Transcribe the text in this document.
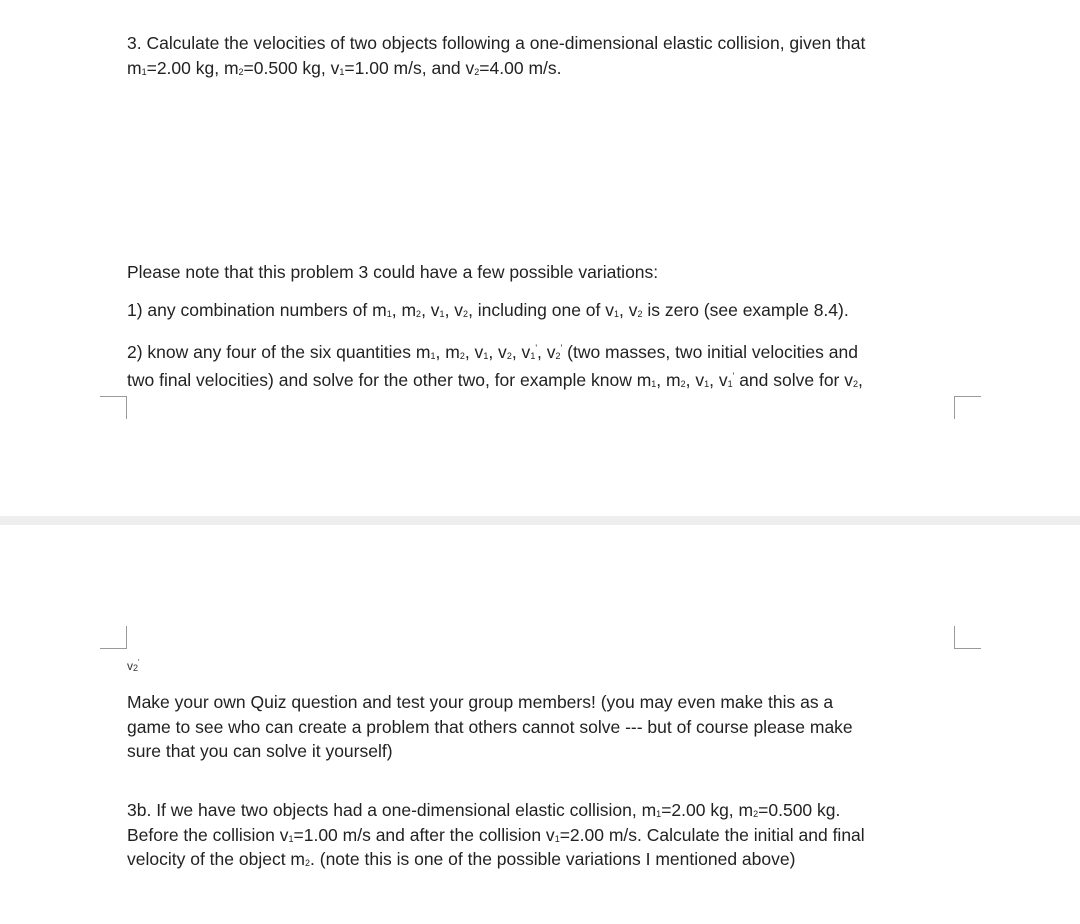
3. Calculate the velocities of two objects following a one-dimensional elastic collision, given that
$m_1=2.00$ kg, $m_2=0.500$ kg, $v_1=1.00$ m/s, and $v_2=4.00$ m/s.

Please note that this problem 3 could have a few possible variations:

1) any combination numbers of $m_1$, $m_2$, $v_1$, $v_2$, including one of $v_1$, $v_2$ is zero (see example 8.4).

2) know any four of the six quantities $m_1$, $m_2$, $v_1$, $v_2$, $v_1'$, $v_2'$ (two masses, two initial velocities and
two final velocities) and solve for the other two, for example know $m_1$, $m_2$, $v_1$, $v_1'$ and solve for $v_2$,

$v_2'$

Make your own Quiz question and test your group members! (you may even make this as a
game to see who can create a problem that others cannot solve --- but of course please make
sure that you can solve it yourself)

3b. If we have two objects had a one-dimensional elastic collision, $m_1=2.00$ kg, $m_2=0.500$ kg.
Before the collision $v_1=1.00$ m/s and after the collision $v_1=2.00$ m/s. Calculate the initial and final
velocity of the object $m_2$. (note this is one of the possible variations I mentioned above)
